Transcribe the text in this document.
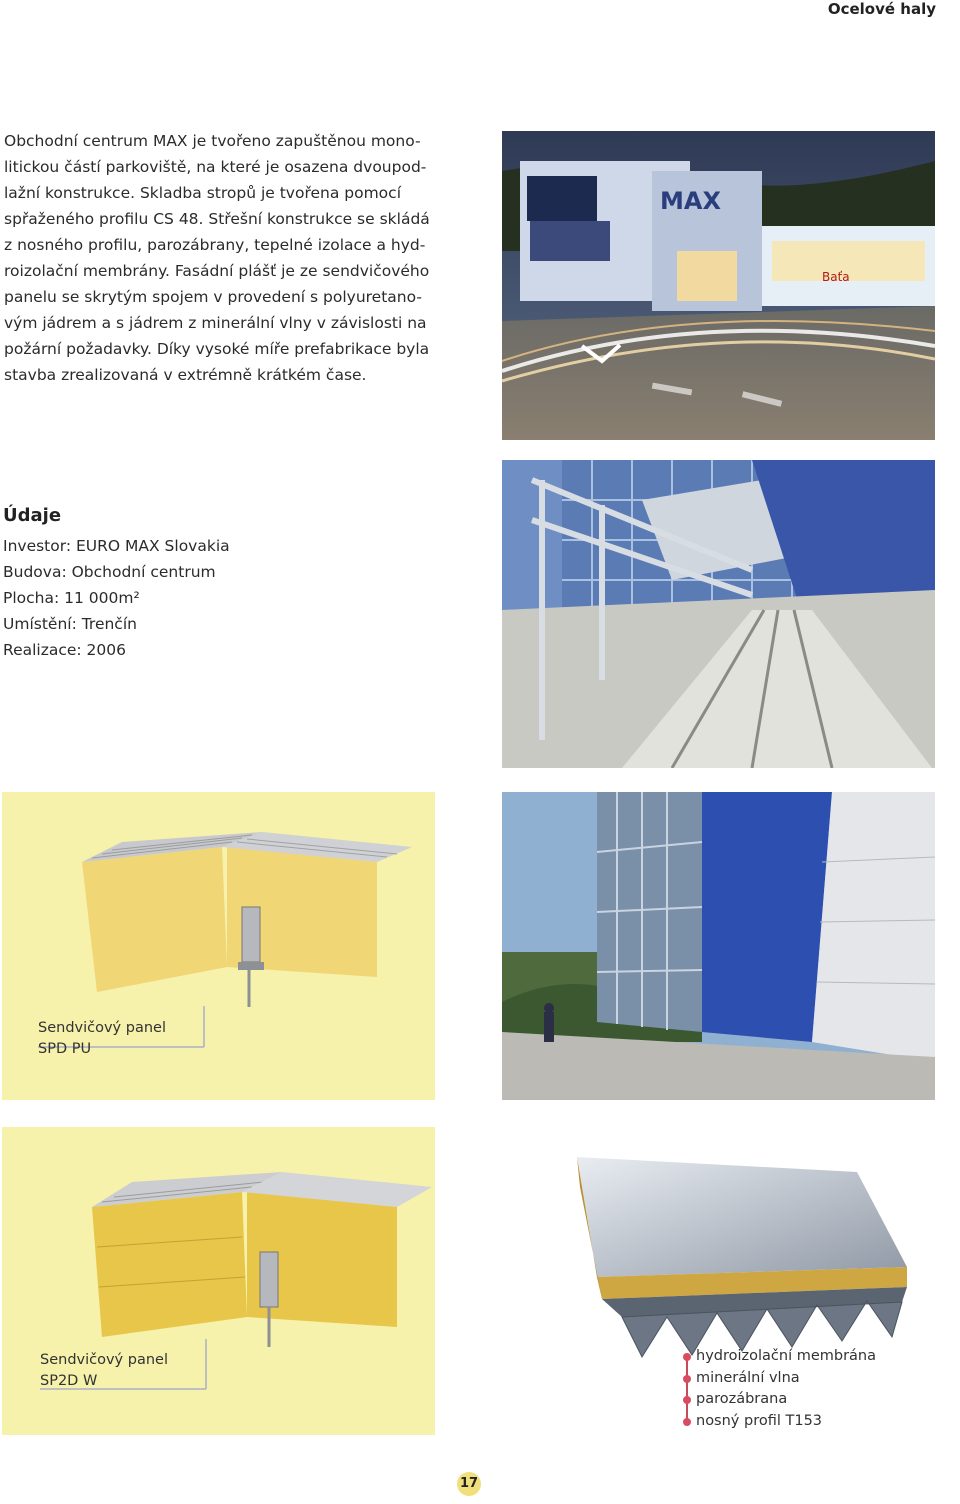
Ocelové haly

Obchodní centrum MAX je tvořeno zapuštěnou mono-

litickou částí parkoviště, na které je osazena dvoupod-

lažní konstrukce. Skladba stropů je tvořena pomocí

spřaženého profilu CS 48. Střešní konstrukce se skládá

z nosného profilu, parozábrany, tepelné izolace a hyd-

roizolační membrány. Fasádní plášť je ze sendvičového

panelu se skrytým spojem v provedení s polyuretano-

vým jádrem a s jádrem z minerální vlny v závislosti na

požární požadavky. Díky vysoké míře prefabrikace byla

stavba zrealizovaná v extrémně krátkém čase.

Údaje
Investor: EURO MAX Slovakia
Budova: Obchodní centrum
Plocha: 11 000m²
Umístění: Trenčín
Realizace: 2006
MAX
Baťa
Sendvičový panel
SPD PU
Sendvičový panel
SP2D W
hydroizolační membrána
minerální vlna
parozábrana
nosný profil T153
17
